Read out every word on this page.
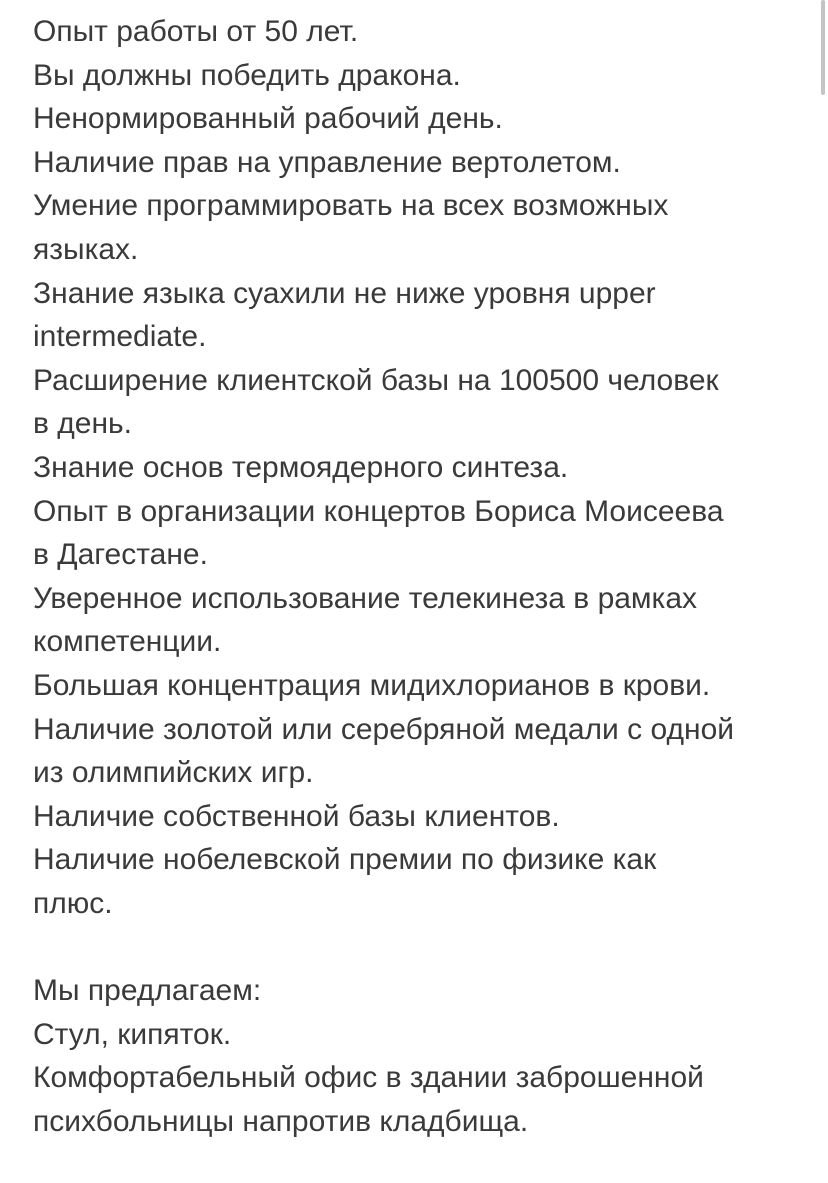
Опыт работы от 50 лет.
Вы должны победить дракона.
Ненормированный рабочий день.
Наличие прав на управление вертолетом.
Умение программировать на всех возможных
языках.
Знание языка суахили не ниже уровня upper
intermediate.
Расширение клиентской базы на 100500 человек
в день.
Знание основ термоядерного синтеза.
Опыт в организации концертов Бориса Моисеева
в Дагестане.
Уверенное использование телекинеза в рамках
компетенции.
Большая концентрация мидихлорианов в крови.
Наличие золотой или серебряной медали с одной
из олимпийских игр.
Наличие собственной базы клиентов.
Наличие нобелевской премии по физике как
плюс.
Мы предлагаем:
Стул, кипяток.
Комфортабельный офис в здании заброшенной
психбольницы напротив кладбища.
